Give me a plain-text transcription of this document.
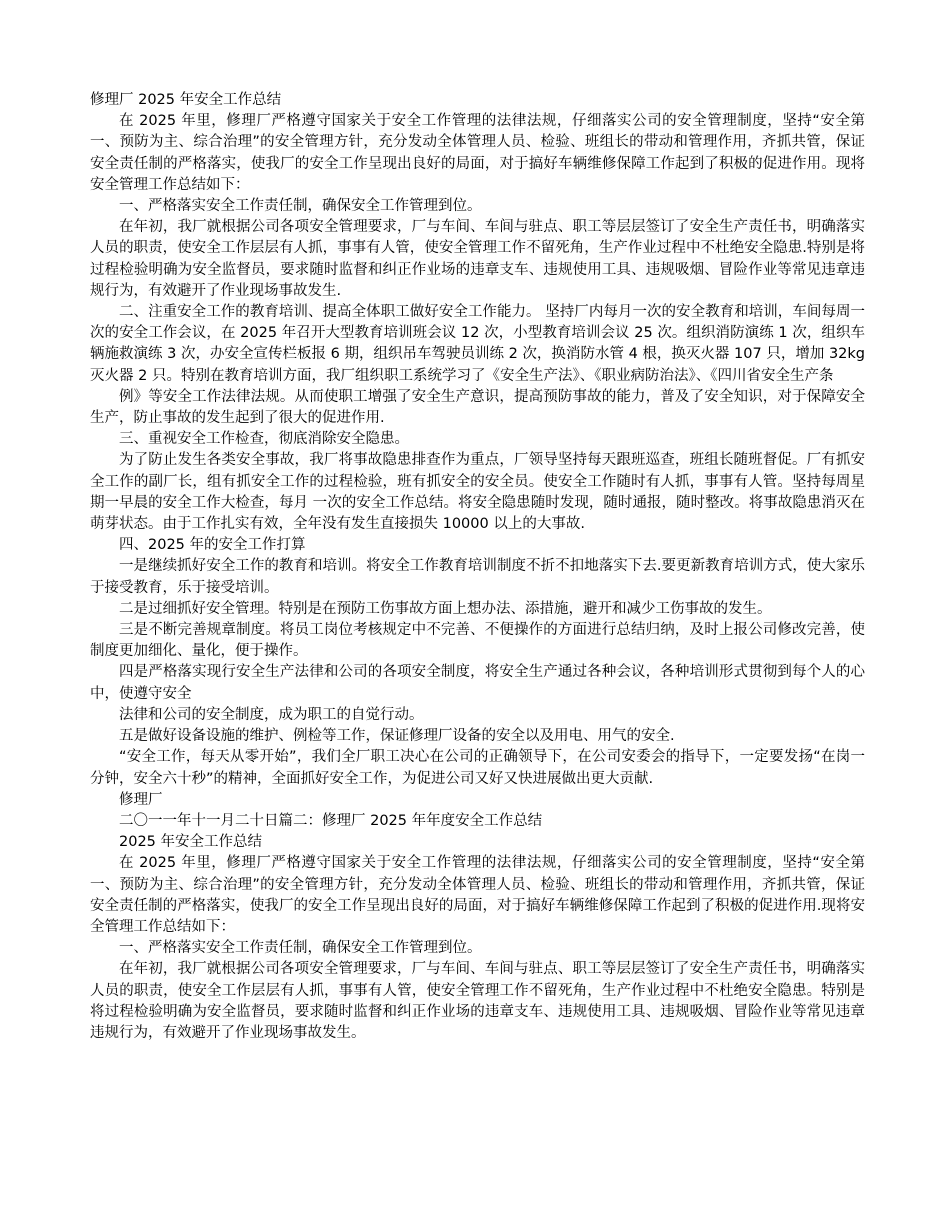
修理厂 2025 年安全工作总结

在 2025 年里，修理厂严格遵守国家关于安全工作管理的法律法规，仔细落实公司的安全管理制度，坚持“安全第一、预防为主、综合治理”的安全管理方针，充分发动全体管理人员、检验、班组长的带动和管理作用，齐抓共管，保证安全责任制的严格落实，使我厂的安全工作呈现出良好的局面，对于搞好车辆维修保障工作起到了积极的促进作用。现将安全管理工作总结如下：

一、严格落实安全工作责任制，确保安全工作管理到位。

在年初，我厂就根据公司各项安全管理要求，厂与车间、车间与驻点、职工等层层签订了安全生产责任书，明确落实人员的职责，使安全工作层层有人抓，事事有人管，使安全管理工作不留死角，生产作业过程中不杜绝安全隐患.特别是将过程检验明确为安全监督员，要求随时监督和纠正作业场的违章支车、违规使用工具、违规吸烟、冒险作业等常见违章违规行为，有效避开了作业现场事故发生.

二、注重安全工作的教育培训、提高全体职工做好安全工作能力。 坚持厂内每月一次的安全教育和培训，车间每周一次的安全工作会议，在 2025 年召开大型教育培训班会议 12 次，小型教育培训会议 25 次。组织消防演练 1 次，组织车辆施救演练 3 次，办安全宣传栏板报 6 期，组织吊车驾驶员训练 2 次，换消防水管 4 根，换灭火器 107 只，增加 32kg 灭火器 2 只。特别在教育培训方面，我厂组织职工系统学习了《安全生产法》、《职业病防治法》、《四川省安全生产条

例》等安全工作法律法规。从而使职工增强了安全生产意识，提高预防事故的能力，普及了安全知识，对于保障安全生产，防止事故的发生起到了很大的促进作用.

三、重视安全工作检查，彻底消除安全隐患。

为了防止发生各类安全事故，我厂将事故隐患排查作为重点，厂领导坚持每天跟班巡查，班组长随班督促。厂有抓安全工作的副厂长，组有抓安全工作的过程检验，班有抓安全的安全员。使安全工作随时有人抓，事事有人管。坚持每周星期一早晨的安全工作大检查，每月 一次的安全工作总结。将安全隐患随时发现，随时通报，随时整改。将事故隐患消灭在萌芽状态。由于工作扎实有效，全年没有发生直接损失 10000 以上的大事故.

四、2025 年的安全工作打算

一是继续抓好安全工作的教育和培训。将安全工作教育培训制度不折不扣地落实下去.要更新教育培训方式，使大家乐于接受教育，乐于接受培训。

二是过细抓好安全管理。特别是在预防工伤事故方面上想办法、添措施，避开和减少工伤事故的发生。

三是不断完善规章制度。将员工岗位考核规定中不完善、不便操作的方面进行总结归纳，及时上报公司修改完善，使制度更加细化、量化，便于操作。

四是严格落实现行安全生产法律和公司的各项安全制度，将安全生产通过各种会议，各种培训形式贯彻到每个人的心中，使遵守安全

法律和公司的安全制度，成为职工的自觉行动。

五是做好设备设施的维护、例检等工作，保证修理厂设备的安全以及用电、用气的安全.

“安全工作，每天从零开始”，我们全厂职工决心在公司的正确领导下，在公司安委会的指导下，一定要发扬“在岗一分钟，安全六十秒”的精神，全面抓好安全工作，为促进公司又好又快进展做出更大贡献.

修理厂

二〇一一年十一月二十日篇二：修理厂 2025 年年度安全工作总结

2025 年安全工作总结

在 2025 年里，修理厂严格遵守国家关于安全工作管理的法律法规，仔细落实公司的安全管理制度，坚持“安全第一、预防为主、综合治理”的安全管理方针，充分发动全体管理人员、检验、班组长的带动和管理作用，齐抓共管，保证安全责任制的严格落实，使我厂的安全工作呈现出良好的局面，对于搞好车辆维修保障工作起到了积极的促进作用.现将安全管理工作总结如下：

一、严格落实安全工作责任制，确保安全工作管理到位。

在年初，我厂就根据公司各项安全管理要求，厂与车间、车间与驻点、职工等层层签订了安全生产责任书，明确落实人员的职责，使安全工作层层有人抓，事事有人管，使安全管理工作不留死角，生产作业过程中不杜绝安全隐患。特别是将过程检验明确为安全监督员，要求随时监督和纠正作业场的违章支车、违规使用工具、违规吸烟、冒险作业等常见违章违规行为，有效避开了作业现场事故发生。
